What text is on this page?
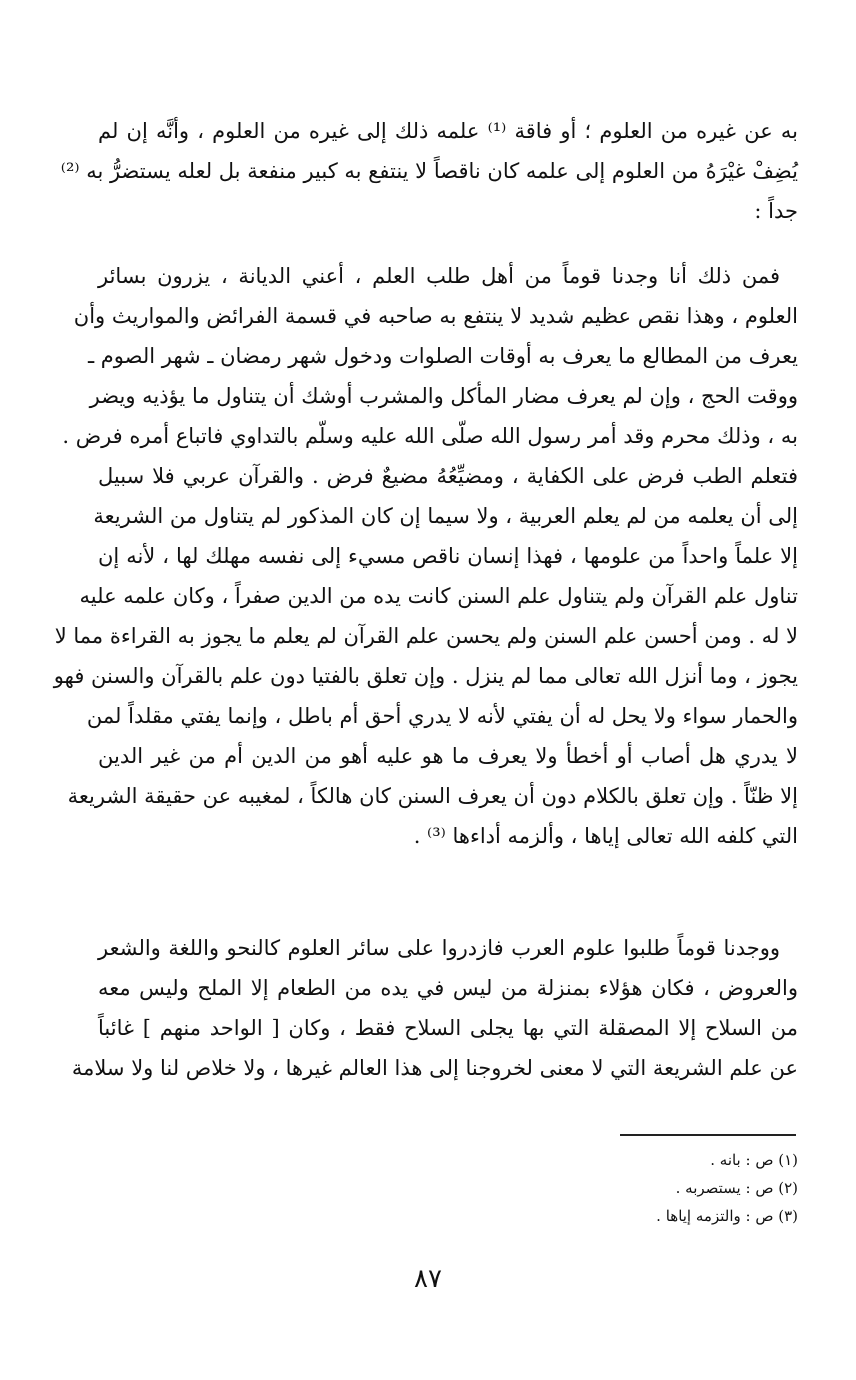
به عن غيره من العلوم ؛ أو فاقة ⁽¹⁾ علمه ذلك إلى غيره من العلوم ، وأنَّه إن لم
يُضِفْ غيْرَهُ من العلوم إلى علمه كان ناقصاً لا ينتفع به كبير منفعة بل لعله يستضرُّ به ⁽²⁾
جداً :
فمن ذلك أنا وجدنا قوماً من أهل طلب العلم ، أعني الديانة ، يزرون بسائر
العلوم ، وهذا نقص عظيم شديد لا ينتفع به صاحبه في قسمة الفرائض والمواريث وأن
يعرف من المطالع ما يعرف به أوقات الصلوات ودخول شهر رمضان ـ شهر الصوم ـ
ووقت الحج ، وإن لم يعرف مضار المأكل والمشرب أوشك أن يتناول ما يؤذيه ويضر
به ، وذلك محرم وقد أمر رسول الله صلّى الله عليه وسلّم بالتداوي فاتباع أمره فرض .
فتعلم الطب فرض على الكفاية ، ومضيِّعُهُ مضيعٌ فرض . والقرآن عربي فلا سبيل
إلى أن يعلمه من لم يعلم العربية ، ولا سيما إن كان المذكور لم يتناول من الشريعة
إلا علماً واحداً من علومها ، فهذا إنسان ناقص مسيء إلى نفسه مهلك لها ، لأنه إن
تناول علم القرآن ولم يتناول علم السنن كانت يده من الدين صفراً ، وكان علمه عليه
لا له . ومن أحسن علم السنن ولم يحسن علم القرآن لم يعلم ما يجوز به القراءة مما لا
يجوز ، وما أنزل الله تعالى مما لم ينزل . وإن تعلق بالفتيا دون علم بالقرآن والسنن فهو
والحمار سواء ولا يحل له أن يفتي لأنه لا يدري أحق أم باطل ، وإنما يفتي مقلداً لمن
لا يدري هل أصاب أو أخطأ ولا يعرف ما هو عليه أهو من الدين أم من غير الدين
إلا ظنّاً . وإن تعلق بالكلام دون أن يعرف السنن كان هالكاً ، لمغيبه عن حقيقة الشريعة
التي كلفه الله تعالى إياها ، وألزمه أداءها ⁽³⁾ .
ووجدنا قوماً طلبوا علوم العرب فازدروا على سائر العلوم كالنحو واللغة والشعر
والعروض ، فكان هؤلاء بمنزلة من ليس في يده من الطعام إلا الملح وليس معه
من السلاح إلا المصقلة التي بها يجلى السلاح فقط ، وكان [ الواحد منهم ] غائباً
عن علم الشريعة التي لا معنى لخروجنا إلى هذا العالم غيرها ، ولا خلاص لنا ولا سلامة
(١) ص : بانه .
(٢) ص : يستصربه .
(٣) ص : والتزمه إياها .
٨٧
